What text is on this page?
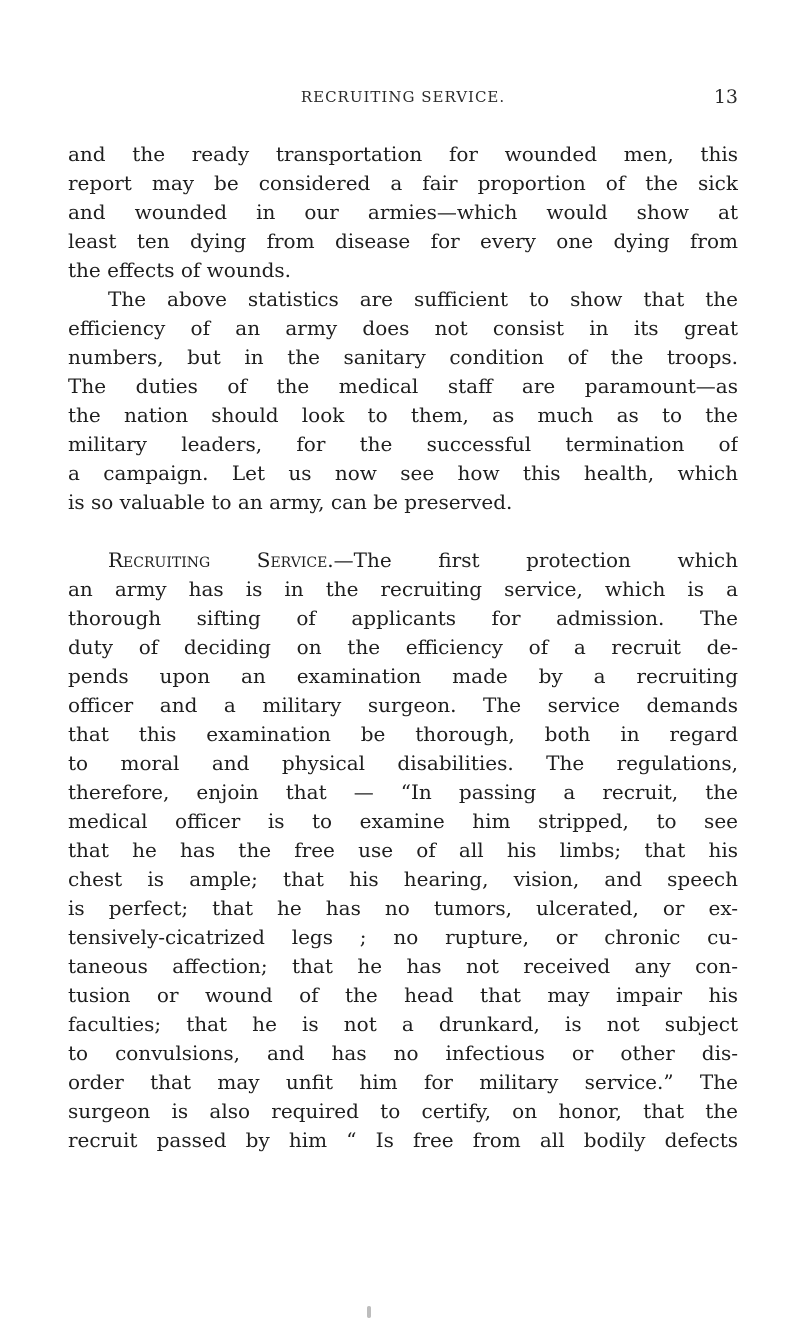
RECRUITING SERVICE.	13
and the ready transportation for wounded men, this
report may be considered a fair proportion of the sick
and wounded in our armies—which would show at
least ten dying from disease for every one dying from
the effects of wounds.
The above statistics are sufficient to show that the
efficiency of an army does not consist in its great
numbers, but in the sanitary condition of the troops.
The duties of the medical staff are paramount—as
the nation should look to them, as much as to the
military leaders, for the successful termination of
a campaign. Let us now see how this health, which
is so valuable to an army, can be preserved.
Recruiting Service.—The first protection which
an army has is in the recruiting service, which is a
thorough sifting of applicants for admission. The
duty of deciding on the efficiency of a recruit de-
pends upon an examination made by a recruiting
officer and a military surgeon. The service demands
that this examination be thorough, both in regard
to moral and physical disabilities. The regulations,
therefore, enjoin that — “In passing a recruit, the
medical officer is to examine him stripped, to see
that he has the free use of all his limbs; that his
chest is ample; that his hearing, vision, and speech
is perfect; that he has no tumors, ulcerated, or ex-
tensively-cicatrized legs ; no rupture, or chronic cu-
taneous affection; that he has not received any con-
tusion or wound of the head that may impair his
faculties; that he is not a drunkard, is not subject
to convulsions, and has no infectious or other dis-
order that may unfit him for military service.” The
surgeon is also required to certify, on honor, that the
recruit passed by him “ Is free from all bodily defects
